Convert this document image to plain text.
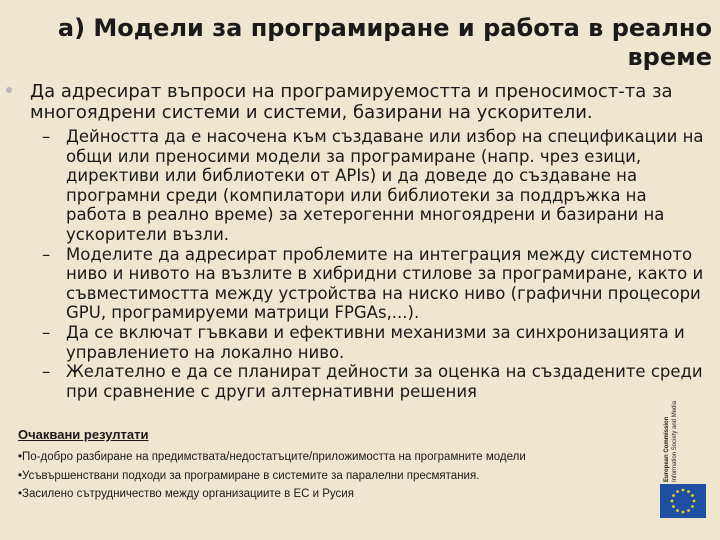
а) Модели за програмиране и работа в реално време
Да адресират въпроси на програмируемостта и преносимост-та за многоядрени системи и системи, базирани на ускорители.
– Дейността да е насочена към създаване или избор на спецификации на общи или преносими модели за програмиране (напр. чрез езици, директиви или библиотеки от APIs) и да доведе до създаване на програмни среди (компилатори или библиотеки за поддръжка на работа в реално време) за хетерогенни многоядрени и базирани на ускорители възли.
– Моделите да адресират проблемите на интеграция между системното ниво и нивото на възлите в хибридни стилове за програмиране, както и съвместимостта между устройства на ниско ниво (графични процесори GPU, програмируеми матрици FPGAs,...).
– Да се включат гъвкави и ефективни механизми за синхронизацията и управлението на локално ниво.
– Желателно е да се планират дейности за оценка на създадените среди при сравнение с други алтернативни решения
Очаквани резултати
• По-добро разбиране на предимствата/недостатъците/приложимостта на програмните модели
• Усъвършенствани подходи за програмиране в системите за паралелни пресмятания.
• Засилено сътрудничество между организациите в ЕС и Русия
European Commission Information Society and Media
